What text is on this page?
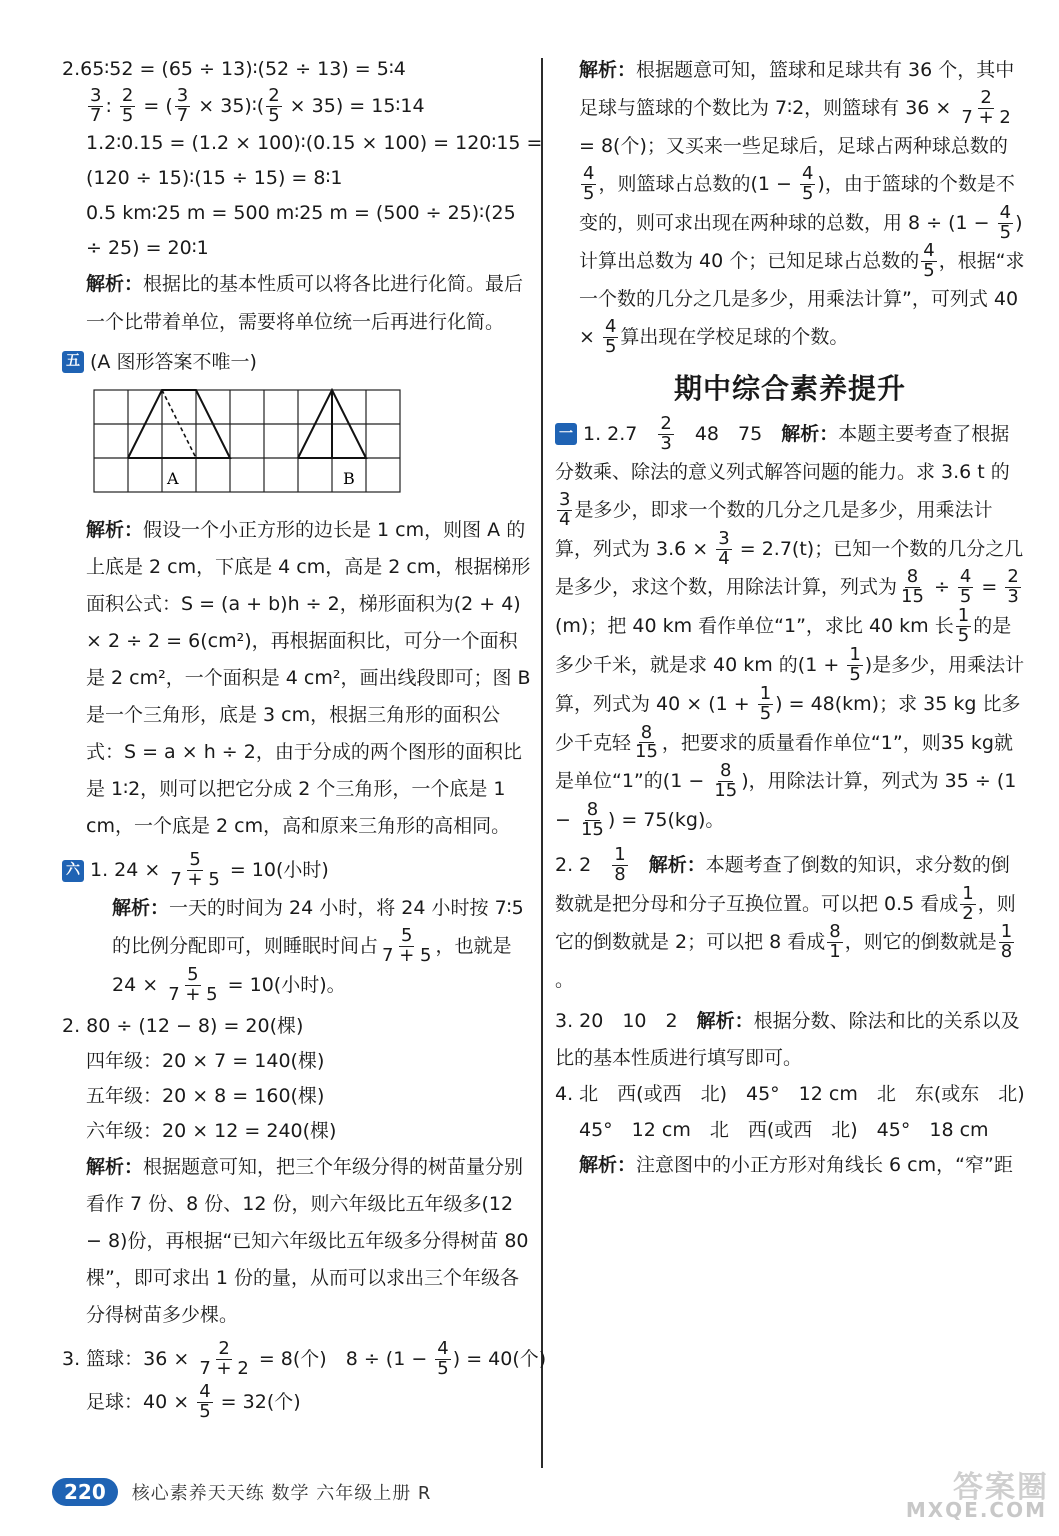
2.65∶52 = (65 ÷ 13)∶(52 ÷ 13) = 5∶4
$\frac{3}{7}$ : $\frac{2}{5}$ = ( $\frac{3}{7}$ × 35)∶( $\frac{2}{5} \times 35$) = 15∶14
1.2∶0.15 = (1.2 × 100)∶(0.15 × 100) = 120∶15 =
(120 ÷ 15)∶(15 ÷ 15) = 8∶1
0.5 km∶25 m = 500 m∶25 m = (500 ÷ 25)∶(25
÷ 25) = 20∶1
解析：根据比的基本性质可以将各比进行化简。最后一个比带着单位，需要将单位统一后再进行化简。
五 (A 图形答案不唯一)
A	B
解析：假设一个小正方形的边长是 1 cm，则图 A 的上底是 2 cm，下底是 4 cm，高是 2 cm，根据梯形面积公式：S = (a + b)h ÷ 2，梯形面积为(2 + 4) × 2 ÷ 2 = 6(cm²)，再根据面积比，可分一个面积是 2 cm²，一个面积是 4 cm²，画出线段即可；图 B 是一个三角形，底是 3 cm，根据三角形的面积公式：S = a × h ÷ 2，由于分成的两个图形的面积比是 1∶2，则可以把它分成 2 个三角形，一个底是 1 cm，一个底是 2 cm，高和原来三角形的高相同。
六 1. $24 \times \frac{5}{7 + 5} = 10$(小时)
解析：一天的时间为 24 小时，将 24 小时按 7∶5的比例分配即可，则睡眠时间占 $\frac{5}{7 + 5}$ ，也就是 $24 \times \frac{5}{7 + 5} = 10$(小时)。
2. 80 ÷ (12 − 8) = 20(棵)
四年级：20 × 7 = 140(棵)
五年级：20 × 8 = 160(棵)
六年级：20 × 12 = 240(棵)
解析：根据题意可知，把三个年级分得的树苗量分别看作 7 份、8 份、12 份，则六年级比五年级多(12 − 8)份，再根据“已知六年级比五年级多分得树苗 80 棵”，即可求出 1 份的量，从而可以求出三个年级各分得树苗多少棵。
3. 篮球：$36 \times \frac{2}{7 + 2} = 8$(个)　$8 \div (1 - \frac{4}{5}$ ) = 40(个)
足球：$40 \times \frac{4}{5} = 32$(个)
解析：根据题意可知，篮球和足球共有 36 个，其中足球与篮球的个数比为 7∶2，则篮球有 $36 \times \frac{2}{7 + 2}$
= 8(个)；又买来一些足球后，足球占两种球总数的
$\frac{4}{5}$ ，则篮球占总数的($1 - \frac{4}{5}$ )，由于篮球的个数是不变的，则可求出现在两种球的总数，用 $8 \div (1 - \frac{4}{5}$ )计算出总数为 40 个；已知足球占总数的 $\frac{4}{5}$ ，根据“求一个数的几分之几是多少，用乘法计算”，可列式 $40 \times \frac{4}{5}$ 算出现在学校足球的个数。
期中综合素养提升
一 1. 2.7　 $\frac{2}{3}$ 　48　75　解析：本题主要考查了根据分数乘、除法的意义列式解答问题的能力。求 3.6 t 的
$\frac{3}{4}$ 是多少，即求一个数的几分之几是多少，用乘法计算，列式为 $3.6 \times \frac{3}{4} = 2.7(t)$；已知一个数的几分之几是多少，求这个数，用除法计算，列式为 $\frac{8}{15} \div \frac{4}{5} = \frac{2}{3}$
(m)；把 40 km 看作单位“1”，求比 40 km 长 $\frac{1}{5}$ 的是多少千米，就是求 40 km 的($1 + \frac{1}{5}$ )是多少，用乘法计算，列式为 $40 \times (1 + \frac{1}{5}$ ) = 48(km)；求 35 kg 比多少千克轻 $\frac{8}{15}$ ，把要求的质量看作单位“1”，则35 kg就是单位“1”的($1 - \frac{8}{15}$ )，用除法计算，列式为 $35 \div (1 - \frac{8}{15}$ ) = 75(kg)。
2. 2　 $\frac{1}{8}$
　 解析：本题考查了倒数的知识，求分数的倒数就是把分母和分子互换位置。可以把 0.5 看成 $\frac{1}{2}$ ，则它的倒数就是 2；可以把 8 看成 $\frac{8}{1}$ ，则它的倒数就是 $\frac{1}{8}$
。
3. 20　10　2　解析：根据分数、除法和比的关系以及比的基本性质进行填写即可。
4. 北　西(或西　北)　45°　12 cm　北　东(或东　北)
45°　12 cm　北　西(或西　北)　45°　18 cm
解析：注意图中的小正方形对角线长 6 cm，“窄”距
220	核心素养天天练 数学 六年级上册 R	答案圈
MXQE.COM
